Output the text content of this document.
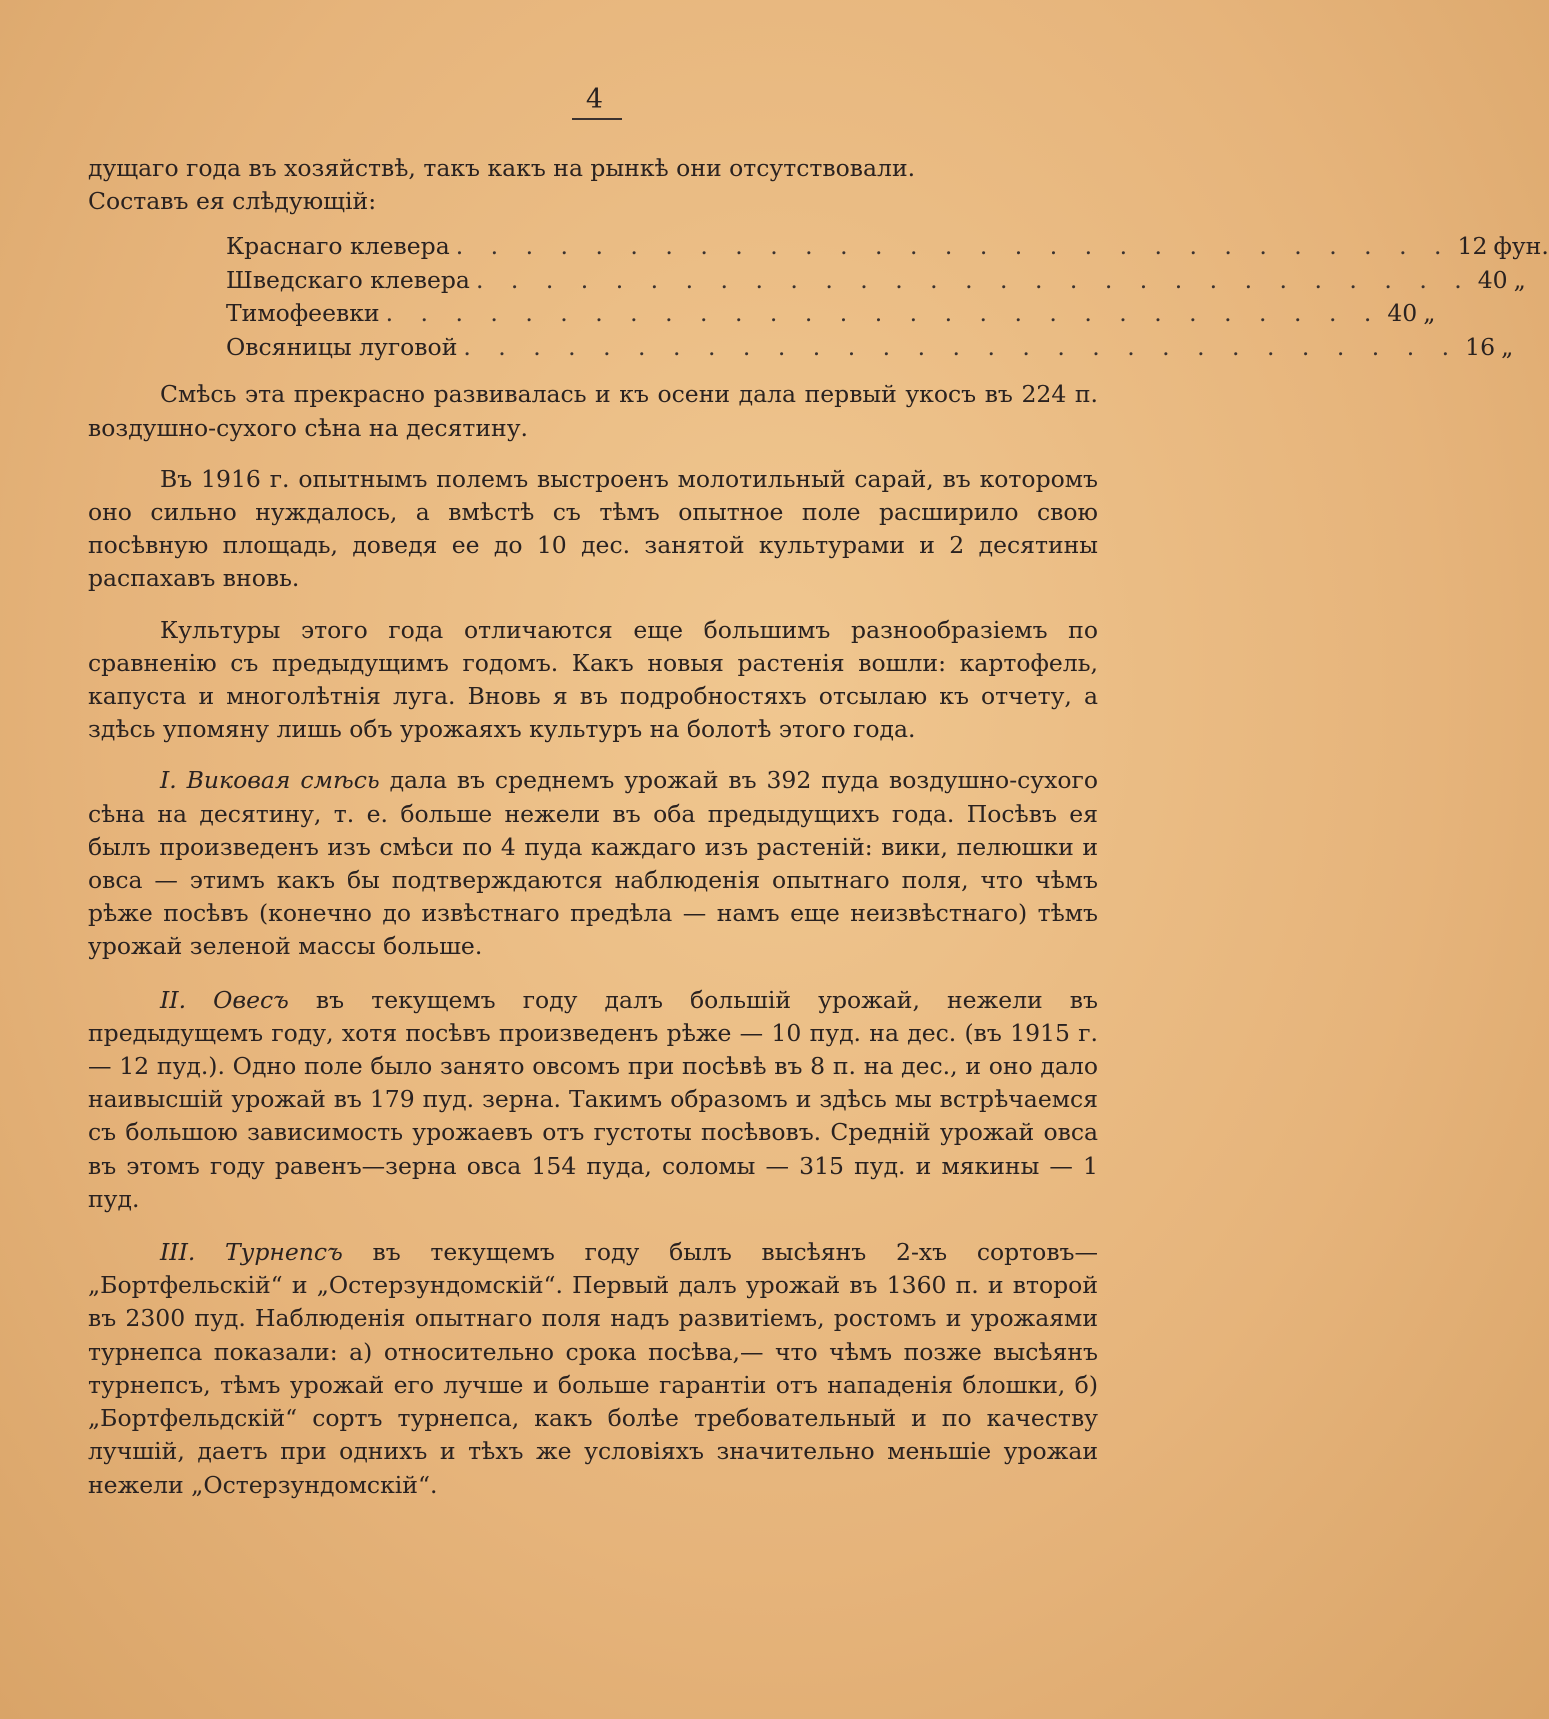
4

дущаго года въ хозяйствѣ, такъ какъ на рынкѣ они отсутствовали.

Составъ ея слѣдующій:

Краснаго клевера . . . . . . . . . . . . . . . . . . . . . . . . . . . . . 12 фун.
Шведскаго клевера . . . . . . . . . . . . . . . . . . . . . . . . . . . . . 40 „
Тимофеевки . . . . . . . . . . . . . . . . . . . . . . . . . . . . . 40 „
Овсяницы луговой . . . . . . . . . . . . . . . . . . . . . . . . . . . . . 16 „

Смѣсь эта прекрасно развивалась и къ осени дала первый укосъ въ 224 п. воздушно-сухого сѣна на десятину.

Въ 1916 г. опытнымъ полемъ выстроенъ молотильный сарай, въ которомъ оно сильно нуждалось, а вмѣстѣ съ тѣмъ опытное поле расширило свою посѣвную площадь, доведя ее до 10 дес. занятой культурами и 2 десятины распахавъ вновь.

Культуры этого года отличаются еще большимъ разнообразіемъ по сравненію съ предыдущимъ годомъ. Какъ новыя растенія вошли: картофель, капуста и многолѣтнія луга. Вновь я въ подробностяхъ отсылаю къ отчету, а здѣсь упомяну лишь объ урожаяхъ культуръ на болотѣ этого года.

I. Виковая смѣсь дала въ среднемъ урожай въ 392 пуда воздушно-сухого сѣна на десятину, т. е. больше нежели въ оба предыдущихъ года. Посѣвъ ея былъ произведенъ изъ смѣси по 4 пуда каждаго изъ растеній: вики, пелюшки и овса — этимъ какъ бы подтверждаются наблюденія опытнаго поля, что чѣмъ рѣже посѣвъ (конечно до извѣстнаго предѣла — намъ еще неизвѣстнаго) тѣмъ урожай зеленой массы больше.

II. Овесъ въ текущемъ году далъ большій урожай, нежели въ предыдущемъ году, хотя посѣвъ произведенъ рѣже — 10 пуд. на дес. (въ 1915 г. — 12 пуд.). Одно поле было занято овсомъ при посѣвѣ въ 8 п. на дес., и оно дало наивысшій урожай въ 179 пуд. зерна. Такимъ образомъ и здѣсь мы встрѣчаемся съ большою зависимость урожаевъ отъ густоты посѣвовъ. Средній урожай овса въ этомъ году равенъ—зерна овса 154 пуда, соломы — 315 пуд. и мякины — 1 пуд.

III. Турнепсъ въ текущемъ году былъ высѣянъ 2-хъ сортовъ— „Бортфельскій“ и „Остерзундомскій“. Первый далъ урожай въ 1360 п. и второй въ 2300 пуд. Наблюденія опытнаго поля надъ развитіемъ, ростомъ и урожаями турнепса показали: а) относительно срока посѣва,— что чѣмъ позже высѣянъ турнепсъ, тѣмъ урожай его лучше и больше гарантіи отъ нападенія блошки, б) „Бортфельдскій“ сортъ турнепса, какъ болѣе требовательный и по качеству лучшій, даетъ при однихъ и тѣхъ же условіяхъ значительно меньшіе урожаи нежели „Остерзундомскій“.
